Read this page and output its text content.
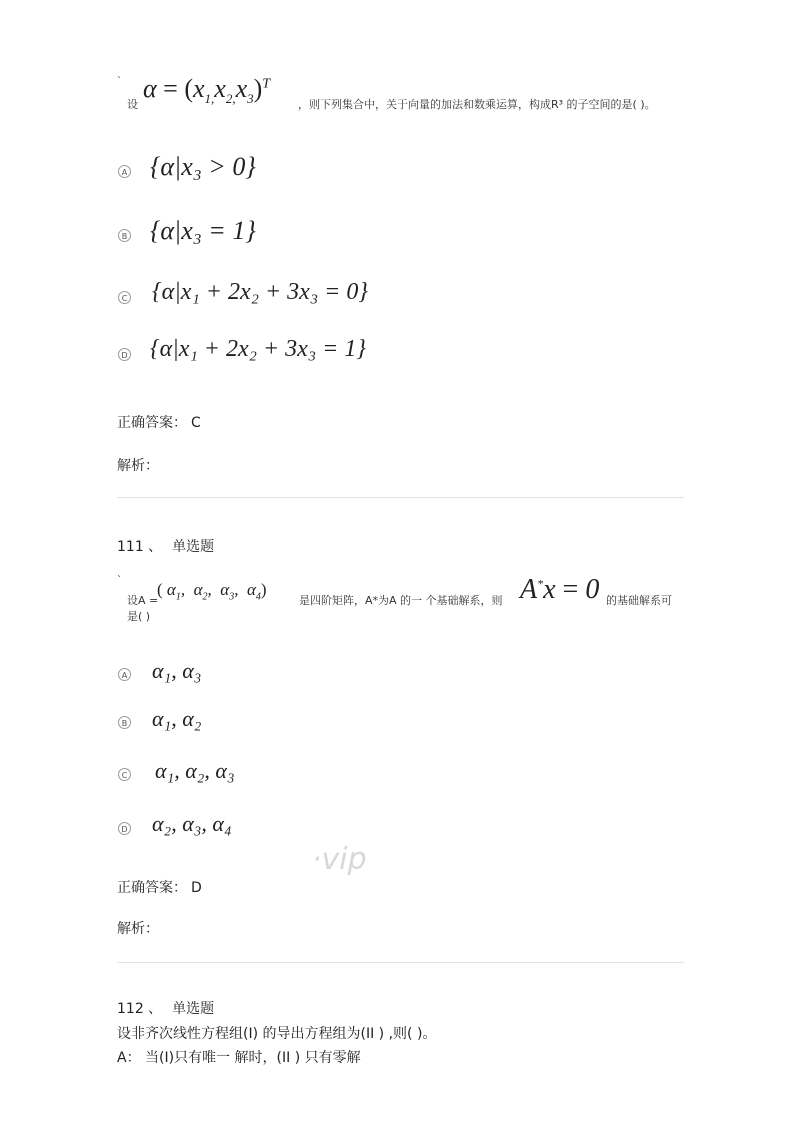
`
设
$\alpha = (x_{1,}x_{2,}x_3)^T$
，则下列集合中，关于向量的加法和数乘运算，构成R³ 的子空间的是( )。
A {α|x₃ > 0}
B {α|x₃ = 1}
C {α|x₁ + 2x₂ + 3x₃ = 0}
D {α|x₁ + 2x₂ + 3x₃ = 1}
正确答案： C
解析：
111 、 单选题
`
设A =
( $\alpha_1$,  $\alpha_2$,  $\alpha_3$,  $\alpha_4$)
是四阶矩阵，A*为A 的一 个基础解系，则 A*x = 0 的基础解系可
是( )
A α₁, α₃
B α₁, α₂
C α₁, α₂, α₃
D α₂, α₃, α₄
·vip
正确答案： D
解析：
112 、 单选题
设非齐次线性方程组(I) 的导出方程组为(II ) ,则( )。
A： 当(I)只有唯一 解时，(II ) 只有零解
